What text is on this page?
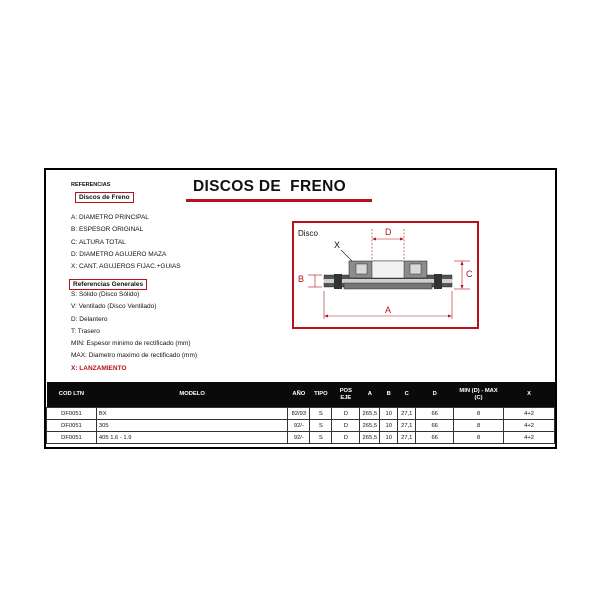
REFERENCIAS
Discos de Freno
A: DIAMETRO PRINCIPAL
B: ESPESOR ORIGINAL
C: ALTURA TOTAL
D: DIAMETRO AGUJERO MAZA
X: CANT. AGUJEROS FIJAC.+GUIAS
Referencias Generales
S: Sólido (Disco Sólido)
V: Ventilado (Disco Ventilado)
D: Delantero
T: Trasero
MIN: Espesor minimo de rectificado (mm)
MAX: Diametro maximo de rectificado (mm)
X: LANZAMIENTO
DISCOS DE  FRENO
Disco	D
X
B	C
A
COD LTN	MODELO	AÑO	TIPO	POS EJE	A	B	C	D	MIN (D) - MAX (C)	X
DF0051	BX	82/93	S	D	265,5	10	27,1	66	8	4+2
DF0051	305	92/-	S	D	265,5	10	27,1	66	8	4+2
DF0051	405 1.6 - 1.9	92/-	S	D	265,5	10	27,1	66	8	4+2
